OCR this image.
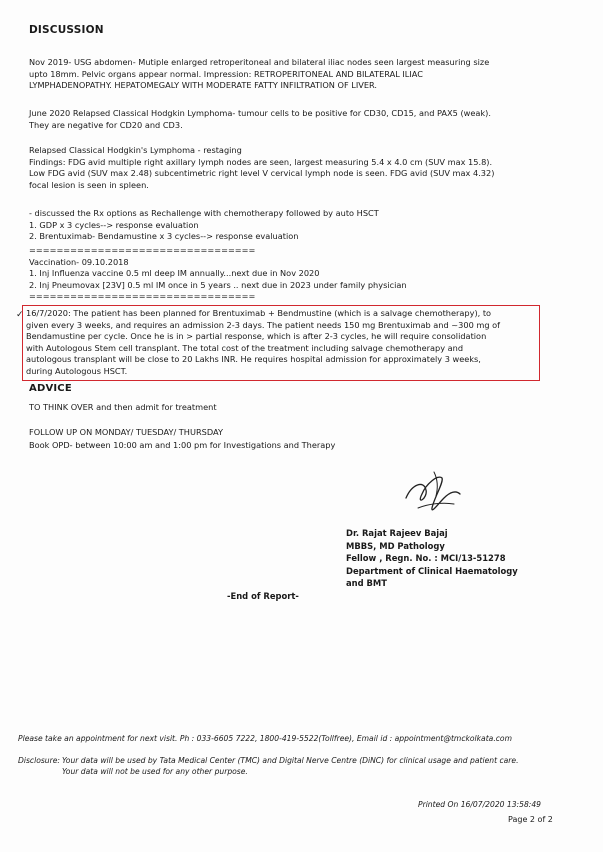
DISCUSSION
Nov 2019- USG abdomen- Mutiple enlarged retroperitoneal and bilateral iliac nodes seen largest measuring size
upto 18mm. Pelvic organs appear normal. Impression: RETROPERITONEAL AND BILATERAL ILIAC
LYMPHADENOPATHY. HEPATOMEGALY WITH MODERATE FATTY INFILTRATION OF LIVER.
June 2020 Relapsed Classical Hodgkin Lymphoma- tumour cells to be positive for CD30, CD15, and PAX5 (weak).
They are negative for CD20 and CD3.
Relapsed Classical Hodgkin's Lymphoma - restaging
Findings: FDG avid multiple right axillary lymph nodes are seen, largest measuring 5.4 x 4.0 cm (SUV max 15.8).
Low FDG avid (SUV max 2.48) subcentimetric right level V cervical lymph node is seen. FDG avid (SUV max 4.32)
focal lesion is seen in spleen.
- discussed the Rx options as Rechallenge with chemotherapy followed by auto HSCT
1. GDP x 3 cycles--> response evaluation
2. Brentuximab- Bendamustine x 3 cycles--> response evaluation
=================================
Vaccination- 09.10.2018
1. Inj Influenza vaccine 0.5 ml deep IM annually...next due in Nov 2020
2. Inj Pneumovax [23V] 0.5 ml IM once in 5 years .. next due in 2023 under family physician
=================================
✓ 16/7/2020: The patient has been planned for Brentuximab + Bendmustine (which is a salvage chemotherapy), to
given every 3 weeks, and requires an admission 2-3 days. The patient needs 150 mg Brentuximab and ~300 mg of
Bendamustine per cycle. Once he is in > partial response, which is after 2-3 cycles, he will require consolidation
with Autologous Stem cell transplant. The total cost of the treatment including salvage chemotherapy and
autologous transplant will be close to 20 Lakhs INR. He requires hospital admission for approximately 3 weeks,
during Autologous HSCT.
ADVICE
TO THINK OVER and then admit for treatment
FOLLOW UP ON MONDAY/ TUESDAY/ THURSDAY
Book OPD- between 10:00 am and 1:00 pm for Investigations and Therapy
Dr. Rajat Rajeev Bajaj
MBBS, MD Pathology
Fellow , Regn. No. : MCI/13-51278
Department of Clinical Haematology
and BMT
-End of Report-
Please take an appointment for next visit. Ph : 033-6605 7222, 1800-419-5522(Tollfree), Email id : appointment@tmckolkata.com
Disclosure: Your data will be used by Tata Medical Center (TMC) and Digital Nerve Centre (DiNC) for clinical usage and patient care.
Your data will not be used for any other purpose.
Printed On 16/07/2020 13:58:49
Page 2 of 2
